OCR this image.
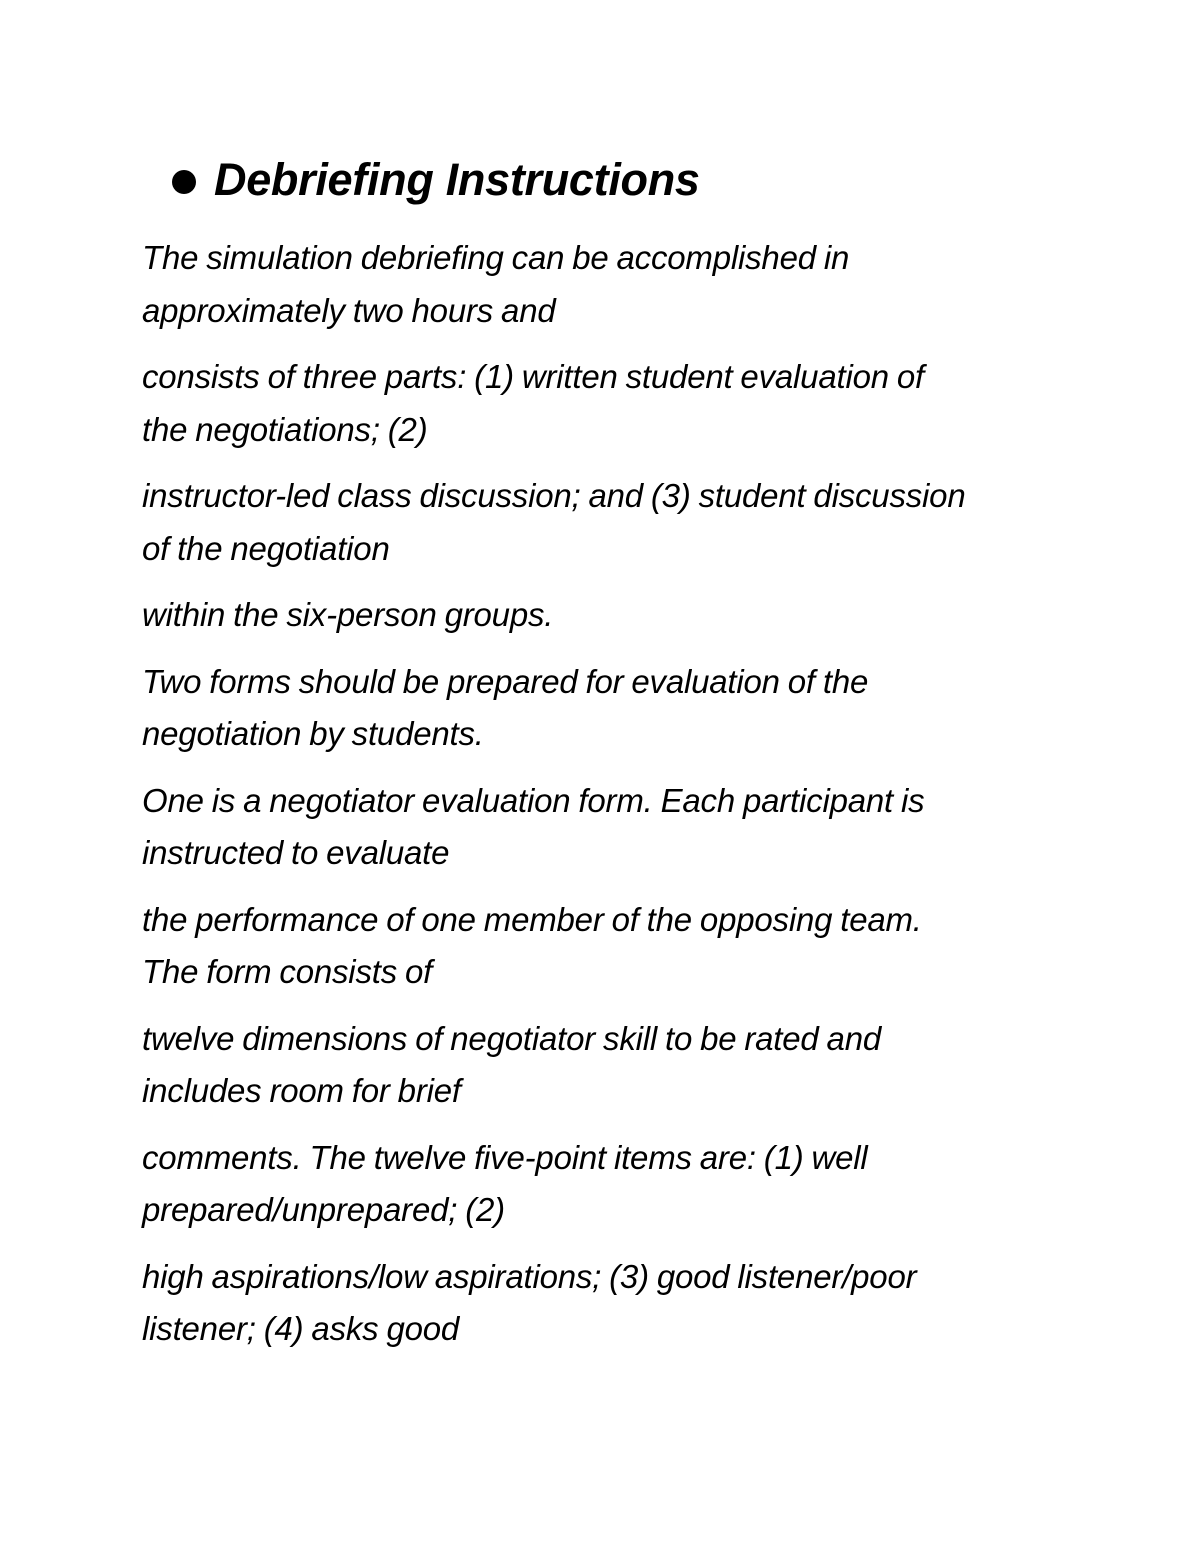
Debriefing Instructions

The simulation debriefing can be accomplished in
approximately two hours and

consists of three parts: (1) written student evaluation of
the negotiations; (2)

instructor-led class discussion; and (3) student discussion
of the negotiation

within the six-person groups.

Two forms should be prepared for evaluation of the
negotiation by students.

One is a negotiator evaluation form. Each participant is
instructed to evaluate

the performance of one member of the opposing team.
The form consists of

twelve dimensions of negotiator skill to be rated and
includes room for brief

comments. The twelve five-point items are: (1) well
prepared/unprepared; (2)

high aspirations/low aspirations; (3) good listener/poor
listener; (4) asks good
